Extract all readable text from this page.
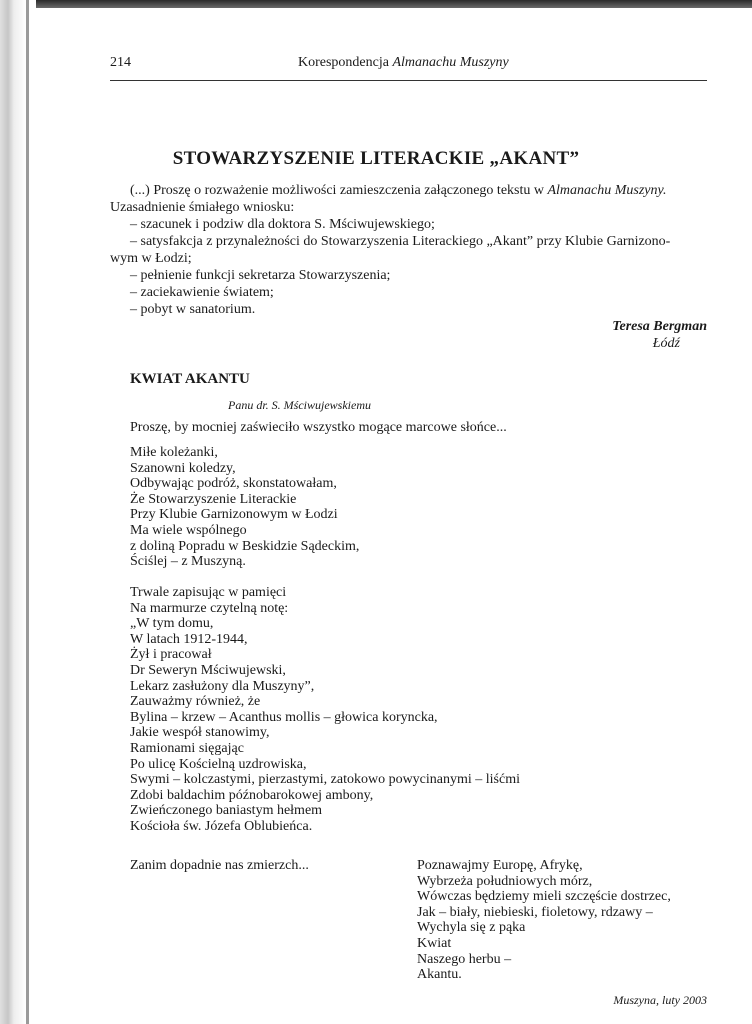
214	Korespondencja Almanachu Muszyny
STOWARZYSZENIE LITERACKIE „AKANT”
(...) Proszę o rozważenie możliwości zamieszczenia załączonego tekstu w Almanachu Muszyny.
Uzasadnienie śmiałego wniosku:
– szacunek i podziw dla doktora S. Mściwujewskiego;
– satysfakcja z przynależności do Stowarzyszenia Literackiego „Akant” przy Klubie Garnizono-
wym w Łodzi;
– pełnienie funkcji sekretarza Stowarzyszenia;
– zaciekawienie światem;
– pobyt w sanatorium.
Teresa Bergman
Łódź
KWIAT AKANTU
Panu dr. S. Mściwujewskiemu
Proszę, by mocniej zaświeciło wszystko mogące marcowe słońce...
Miłe koleżanki,
Szanowni koledzy,
Odbywając podróż, skonstatowałam,
Że Stowarzyszenie Literackie
Przy Klubie Garnizonowym w Łodzi
Ma wiele wspólnego
z doliną Popradu w Beskidzie Sądeckim,
Ściślej – z Muszyną.
Trwale zapisując w pamięci
Na marmurze czytelną notę:
„W tym domu,
W latach 1912-1944,
Żył i pracował
Dr Seweryn Mściwujewski,
Lekarz zasłużony dla Muszyny”,
Zauważmy również, że
Bylina – krzew – Acanthus mollis – głowica koryncka,
Jakie wespół stanowimy,
Ramionami sięgając
Po ulicę Kościelną uzdrowiska,
Swymi – kolczastymi, pierzastymi, zatokowo powycinanymi – liśćmi
Zdobi baldachim późnobarokowej ambony,
Zwieńczonego baniastym hełmem
Kościoła św. Józefa Oblubieńca.
Zanim dopadnie nas zmierzch...	Poznawajmy Europę, Afrykę,
Wybrzeża południowych mórz,
Wówczas będziemy mieli szczęście dostrzec,
Jak – biały, niebieski, fioletowy, rdzawy –
Wychyla się z pąka
Kwiat
Naszego herbu –
Akantu.
Muszyna, luty 2003
